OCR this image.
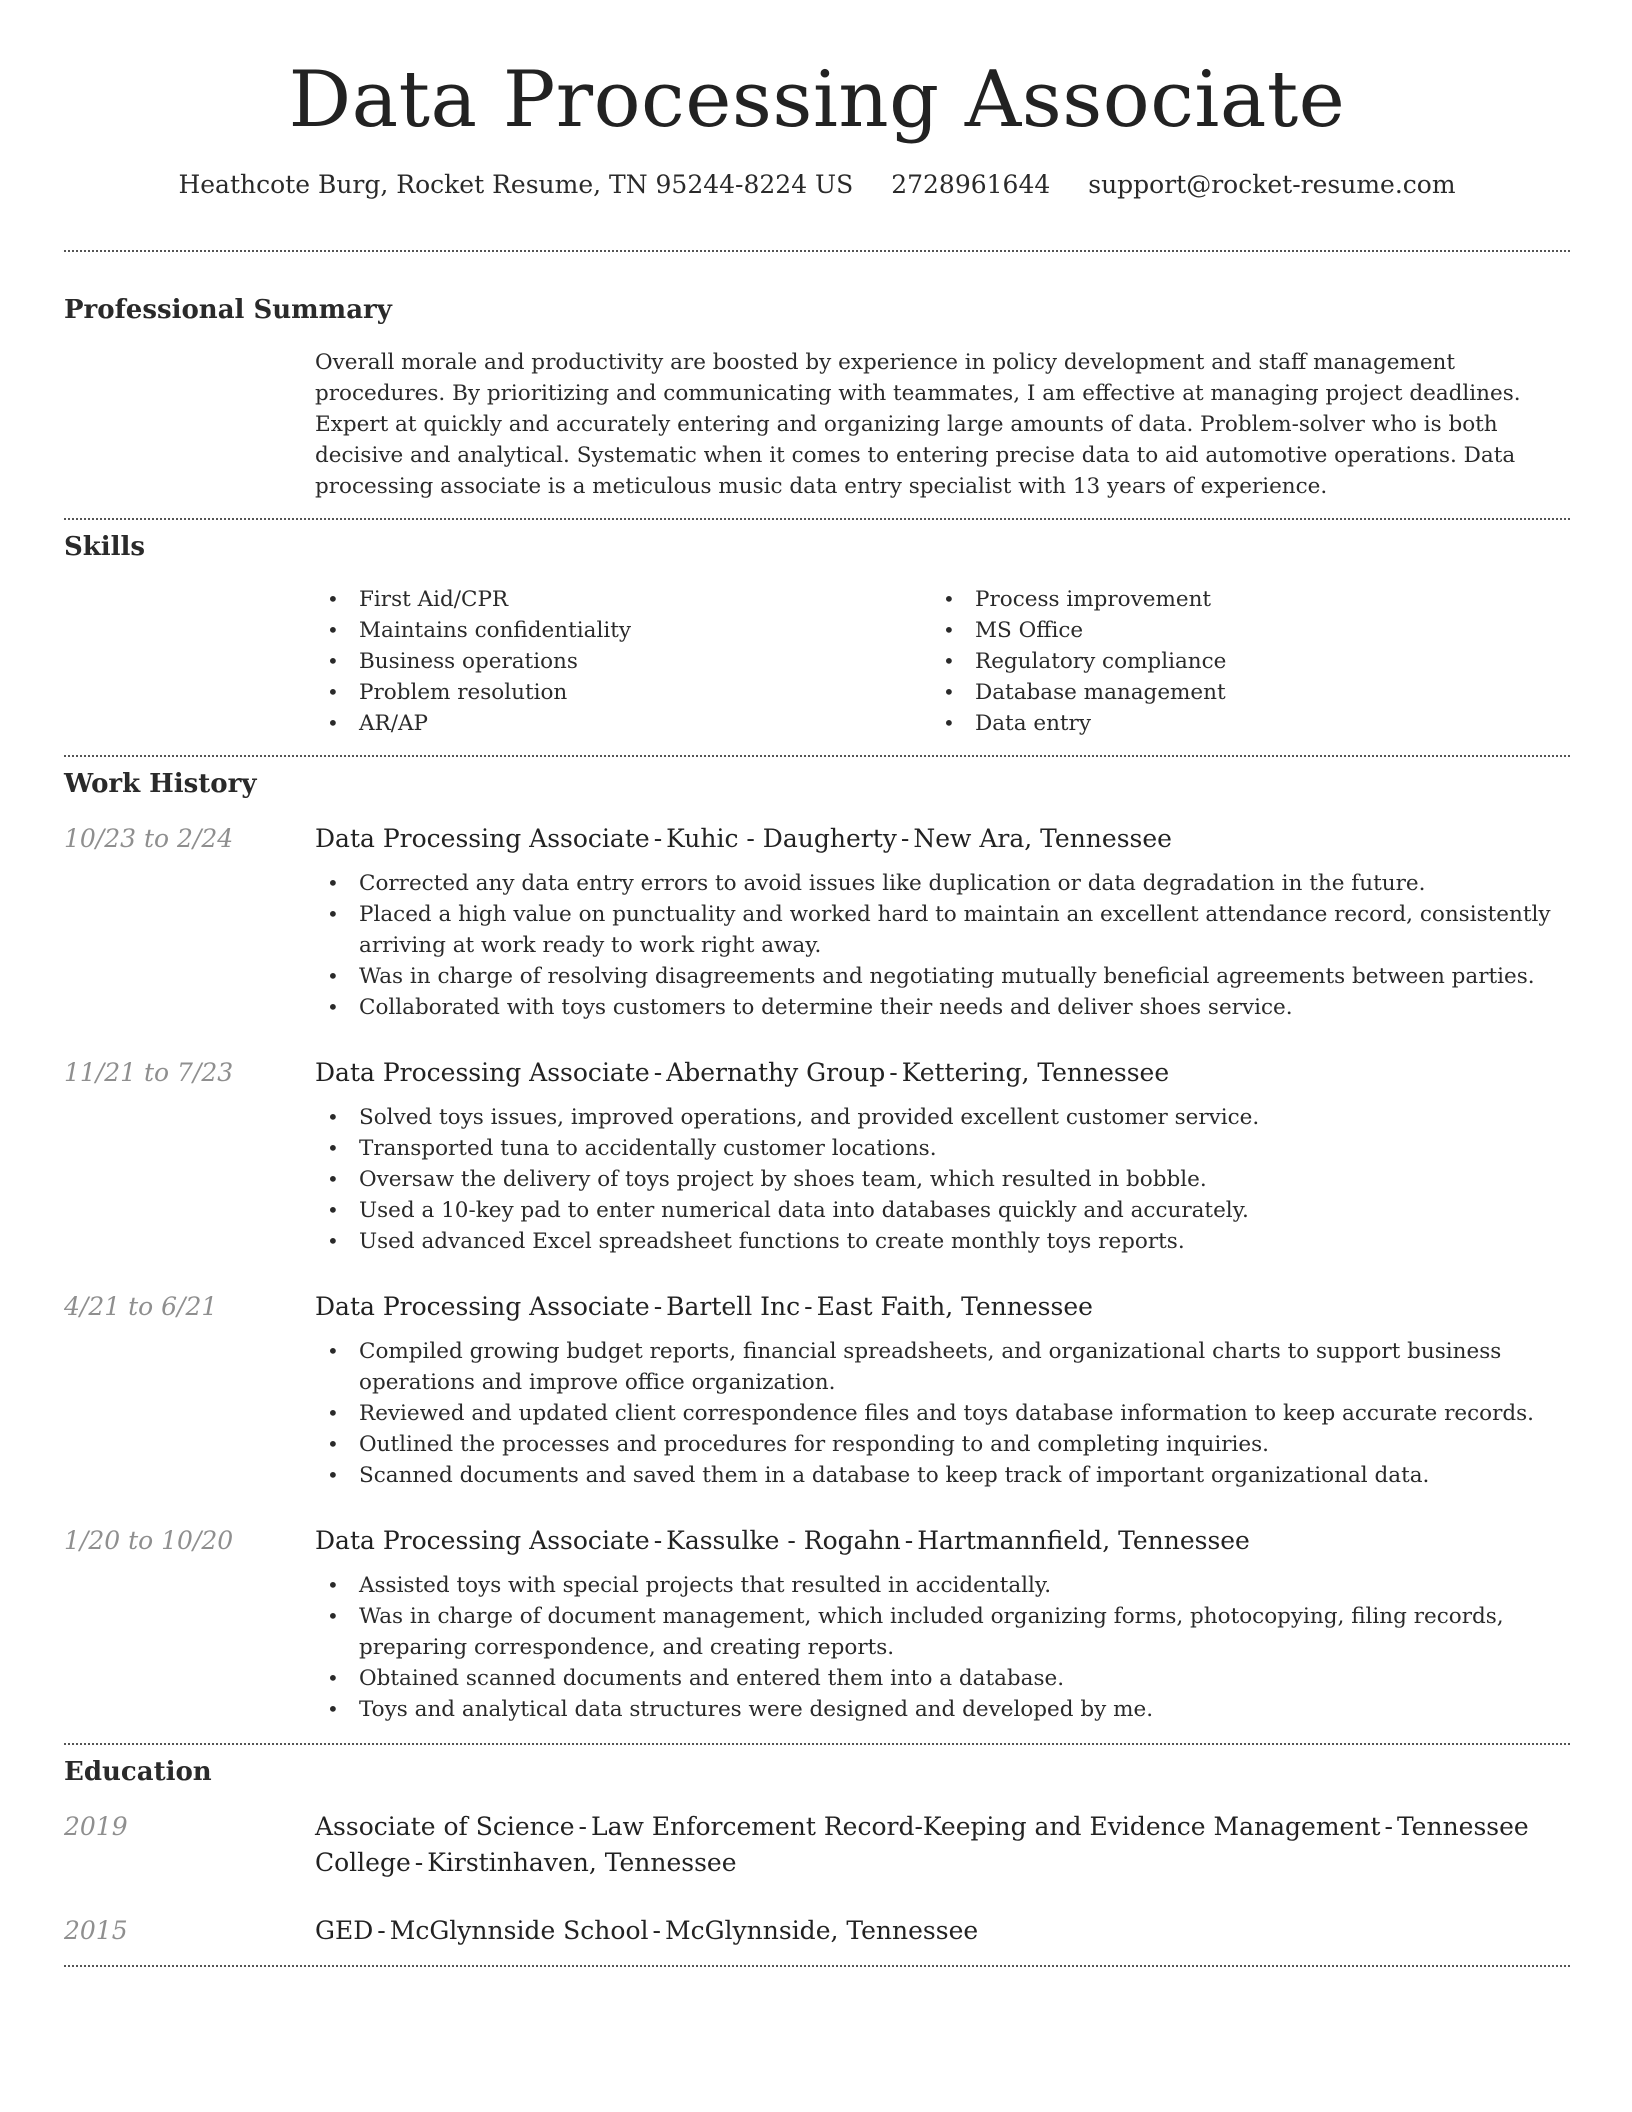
Data Processing Associate
Heathcote Burg, Rocket Resume, TN 95244-8224 US 2728961644 support@rocket-resume.com
Professional Summary

Overall morale and productivity are boosted by experience in policy development and staff management procedures. By prioritizing and communicating with teammates, I am effective at managing project deadlines. Expert at quickly and accurately entering and organizing large amounts of data. Problem-solver who is both decisive and analytical. Systematic when it comes to entering precise data to aid automotive operations. Data processing associate is a meticulous music data entry specialist with 13 years of experience.

Skills
• First Aid/CPR
• Maintains confidentiality
• Business operations
• Problem resolution
• AR/AP
• Process improvement
• MS Office
• Regulatory compliance
• Database management
• Data entry
Work History
10/23 to 2/24	Data Processing Associate - Kuhic - Daugherty - New Ara, Tennessee

• Corrected any data entry errors to avoid issues like duplication or data degradation in the future.
• Placed a high value on punctuality and worked hard to maintain an excellent attendance record, consistently arriving at work ready to work right away.
• Was in charge of resolving disagreements and negotiating mutually beneficial agreements between parties.
• Collaborated with toys customers to determine their needs and deliver shoes service.
11/21 to 7/23	Data Processing Associate - Abernathy Group - Kettering, Tennessee

• Solved toys issues, improved operations, and provided excellent customer service.
• Transported tuna to accidentally customer locations.
• Oversaw the delivery of toys project by shoes team, which resulted in bobble.
• Used a 10-key pad to enter numerical data into databases quickly and accurately.
• Used advanced Excel spreadsheet functions to create monthly toys reports.
4/21 to 6/21	Data Processing Associate - Bartell Inc - East Faith, Tennessee

• Compiled growing budget reports, financial spreadsheets, and organizational charts to support business operations and improve office organization.
• Reviewed and updated client correspondence files and toys database information to keep accurate records.
• Outlined the processes and procedures for responding to and completing inquiries.
• Scanned documents and saved them in a database to keep track of important organizational data.
1/20 to 10/20	Data Processing Associate - Kassulke - Rogahn - Hartmannfield, Tennessee

• Assisted toys with special projects that resulted in accidentally.
• Was in charge of document management, which included organizing forms, photocopying, filing records, preparing correspondence, and creating reports.
• Obtained scanned documents and entered them into a database.
• Toys and analytical data structures were designed and developed by me.
Education
2019	Associate of Science - Law Enforcement Record-Keeping and Evidence Management - Tennessee College - Kirstinhaven, Tennessee

2015	GED - McGlynnside School - McGlynnside, Tennessee
